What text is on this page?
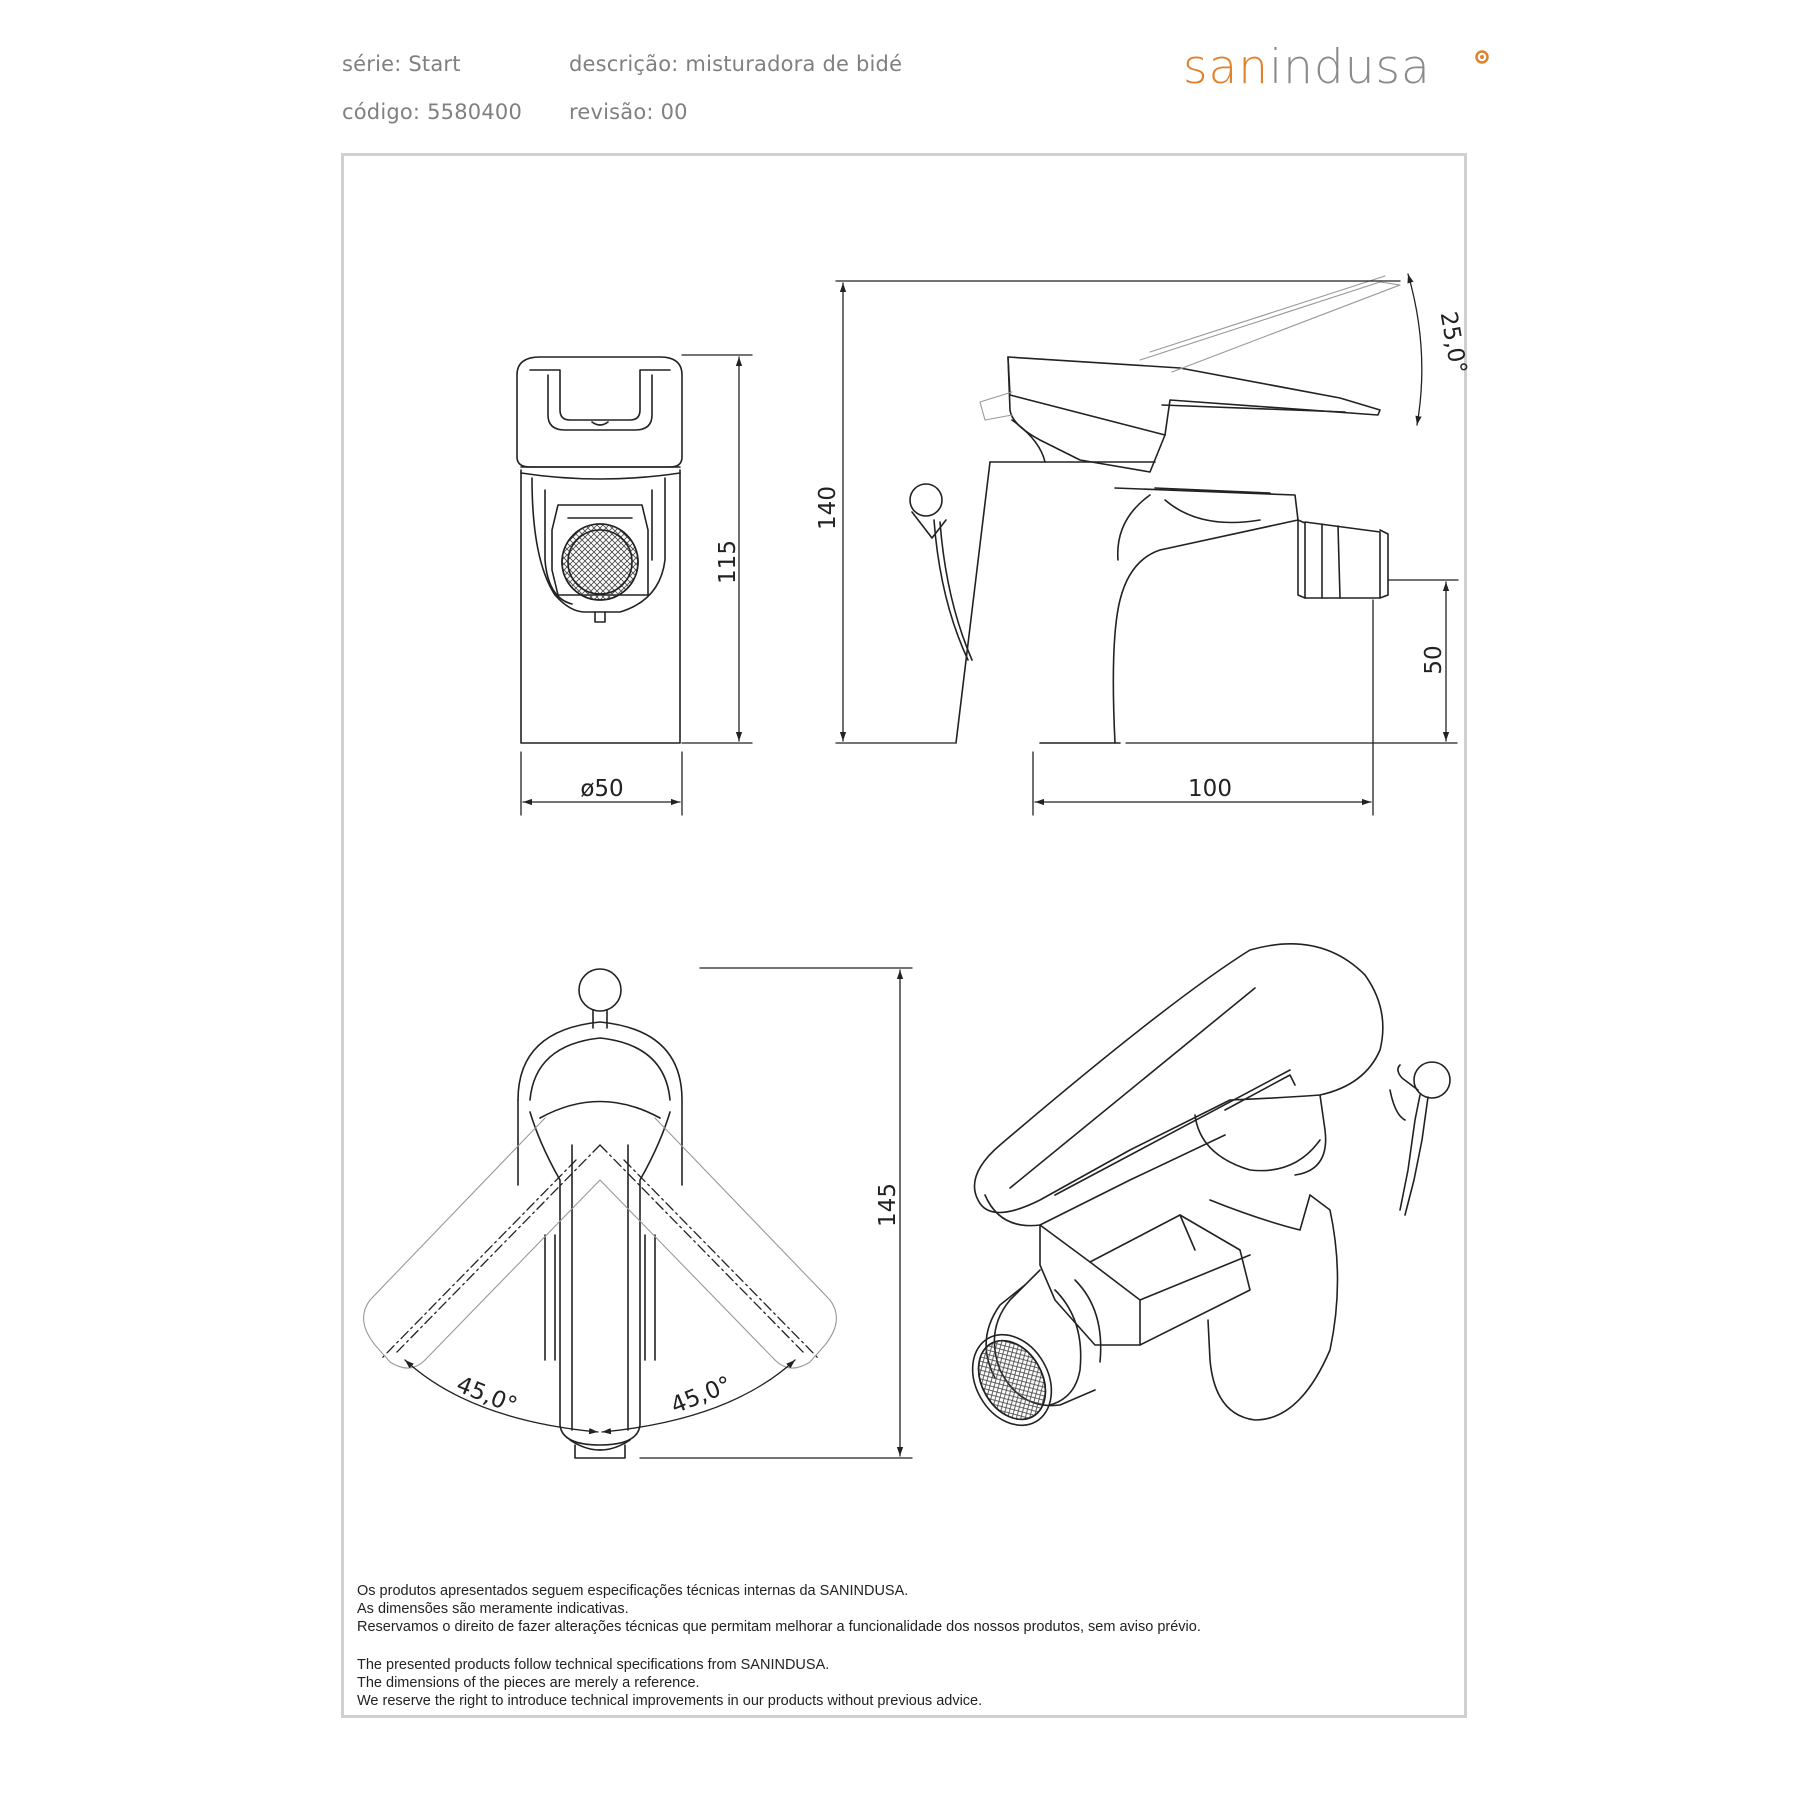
série: Start
código: 5580400
descrição: misturadora de bidé
revisão: 00
sanindusa
115
ø50
140
50
100
25,0°
45,0°	45,0°
145
Os produtos apresentados seguem especificações técnicas internas da SANINDUSA.
As dimensões são meramente indicativas.
Reservamos o direito de fazer alterações técnicas que permitam melhorar a funcionalidade dos nossos produtos, sem aviso prévio.
The presented products follow technical specifications from SANINDUSA.
The dimensions of the pieces are merely a reference.
We reserve the right to introduce technical improvements in our products without previous advice.
